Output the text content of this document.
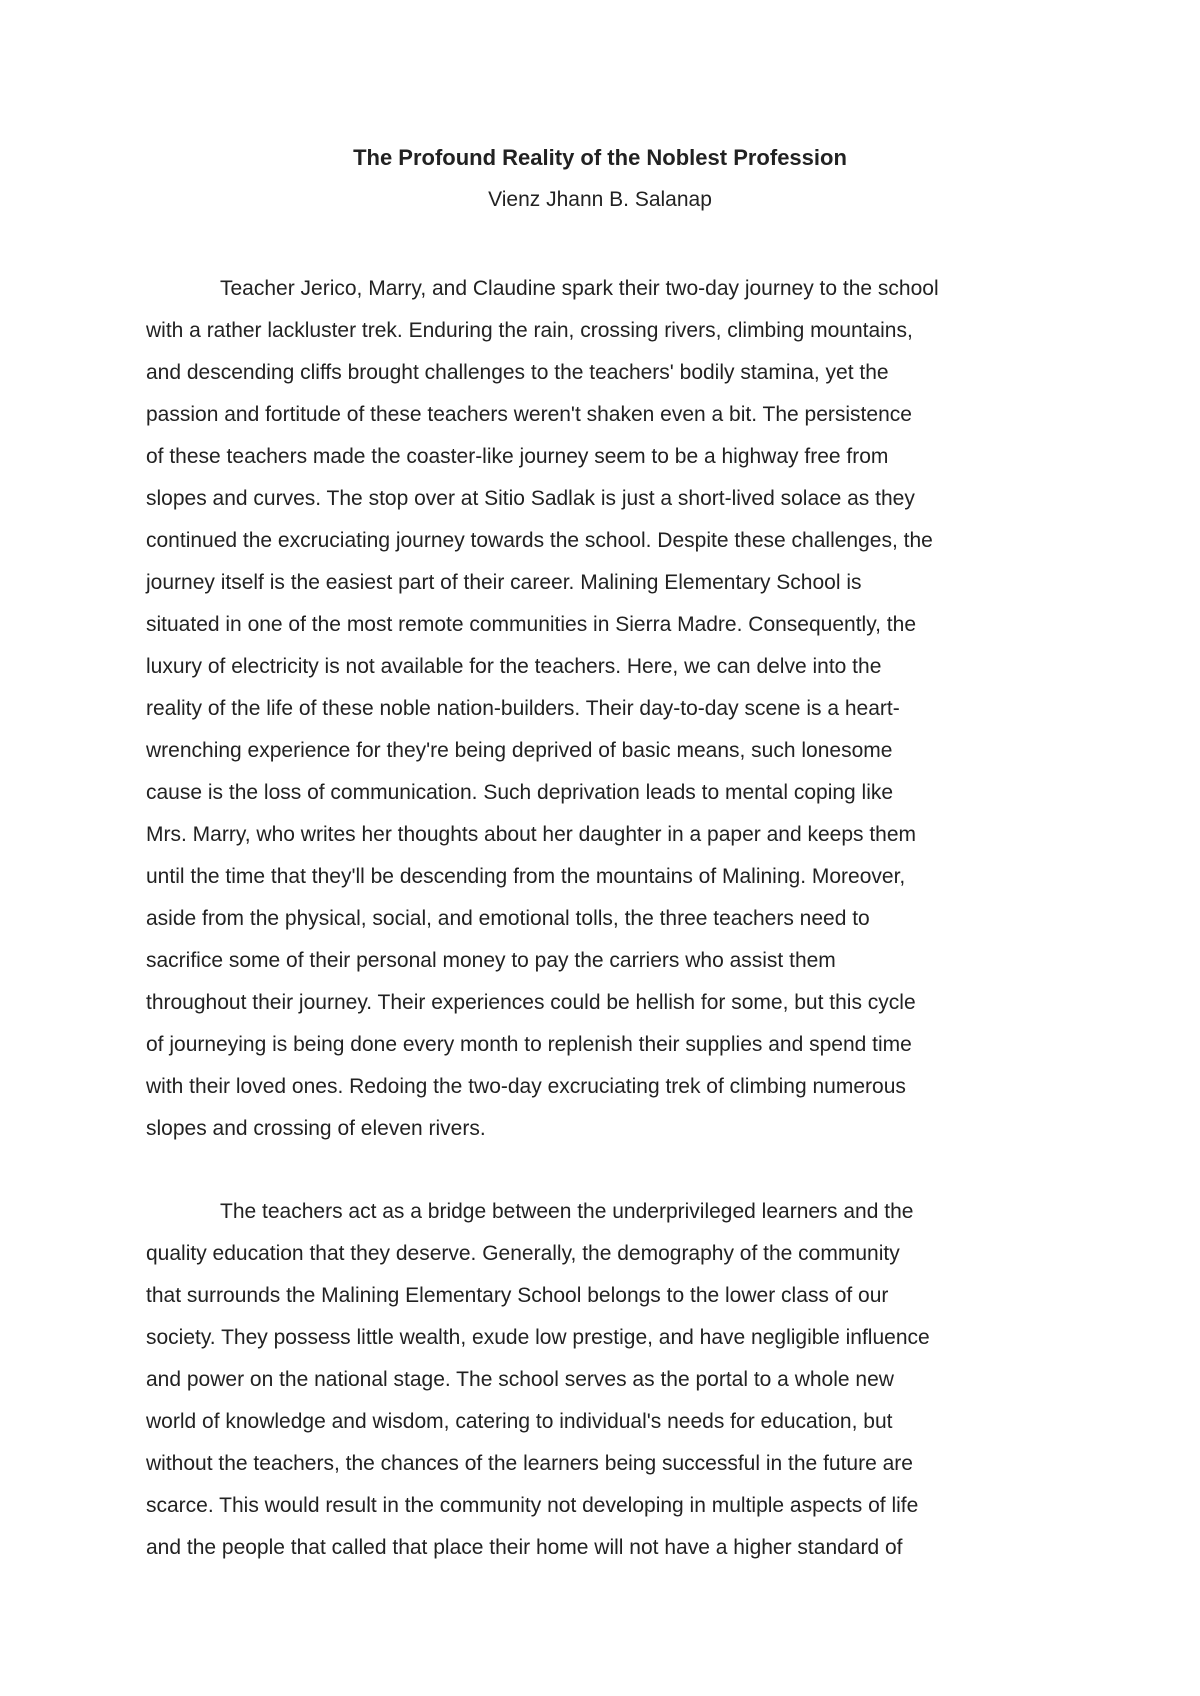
The Profound Reality of the Noblest Profession

Vienz Jhann B. Salanap

Teacher Jerico, Marry, and Claudine spark their two-day journey to the school
with a rather lackluster trek. Enduring the rain, crossing rivers, climbing mountains,
and descending cliffs brought challenges to the teachers' bodily stamina, yet the
passion and fortitude of these teachers weren't shaken even a bit. The persistence
of these teachers made the coaster-like journey seem to be a highway free from
slopes and curves. The stop over at Sitio Sadlak is just a short-lived solace as they
continued the excruciating journey towards the school. Despite these challenges, the
journey itself is the easiest part of their career. Malining Elementary School is
situated in one of the most remote communities in Sierra Madre. Consequently, the
luxury of electricity is not available for the teachers. Here, we can delve into the
reality of the life of these noble nation-builders. Their day-to-day scene is a heart-
wrenching experience for they're being deprived of basic means, such lonesome
cause is the loss of communication. Such deprivation leads to mental coping like
Mrs. Marry, who writes her thoughts about her daughter in a paper and keeps them
until the time that they'll be descending from the mountains of Malining. Moreover,
aside from the physical, social, and emotional tolls, the three teachers need to
sacrifice some of their personal money to pay the carriers who assist them
throughout their journey. Their experiences could be hellish for some, but this cycle
of journeying is being done every month to replenish their supplies and spend time
with their loved ones. Redoing the two-day excruciating trek of climbing numerous
slopes and crossing of eleven rivers.
The teachers act as a bridge between the underprivileged learners and the
quality education that they deserve. Generally, the demography of the community
that surrounds the Malining Elementary School belongs to the lower class of our
society. They possess little wealth, exude low prestige, and have negligible influence
and power on the national stage. The school serves as the portal to a whole new
world of knowledge and wisdom, catering to individual's needs for education, but
without the teachers, the chances of the learners being successful in the future are
scarce. This would result in the community not developing in multiple aspects of life
and the people that called that place their home will not have a higher standard of
